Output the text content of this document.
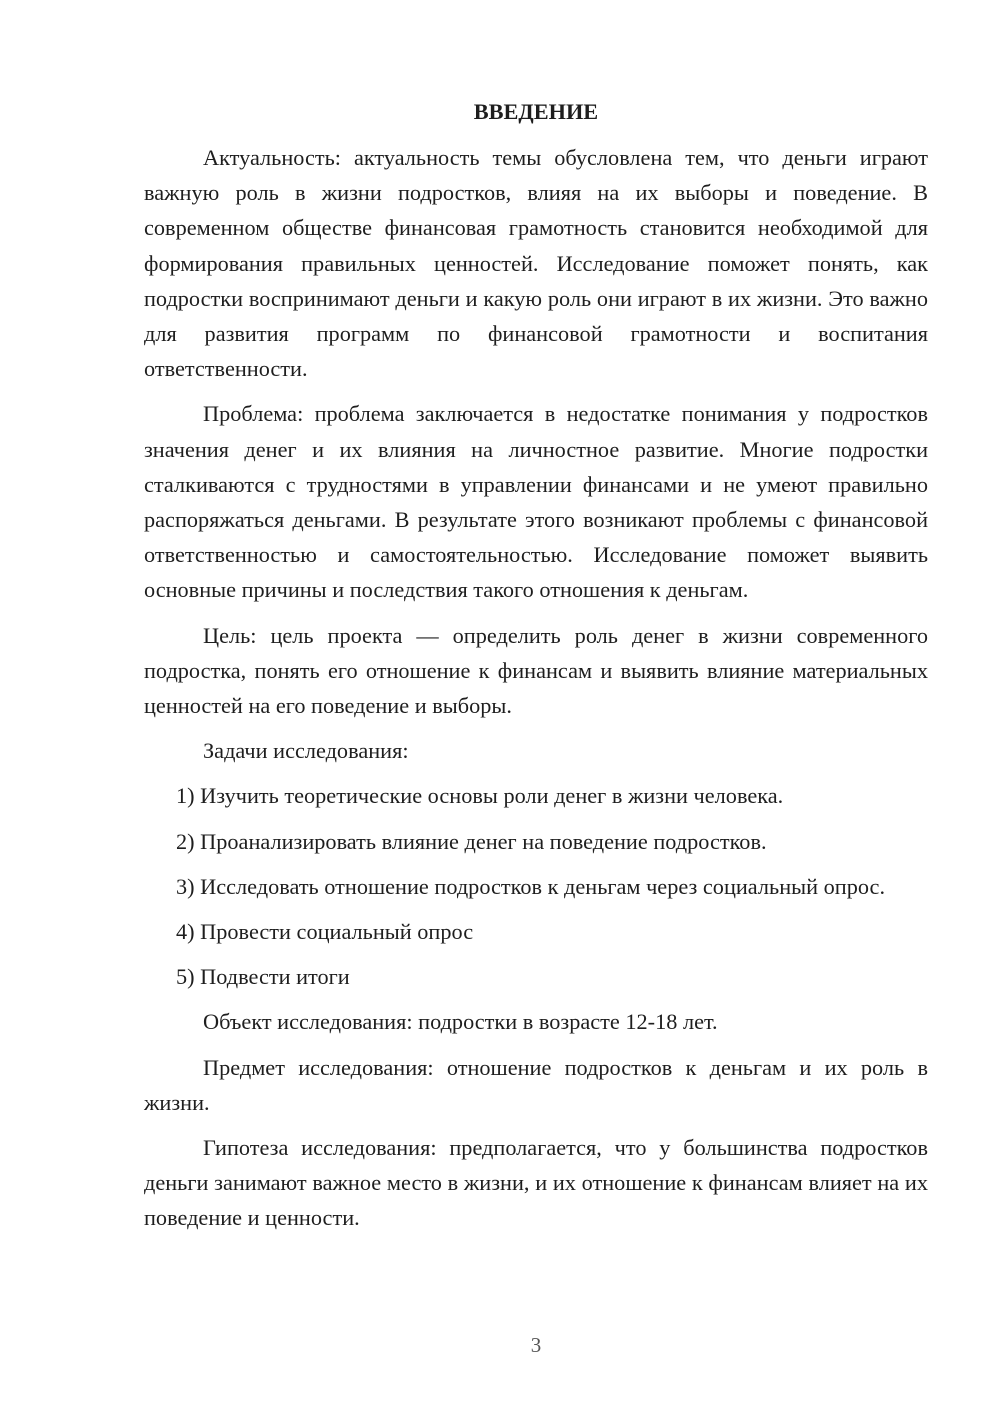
ВВЕДЕНИЕ

Актуальность: актуальность темы обусловлена тем, что деньги играют важную роль в жизни подростков, влияя на их выборы и поведение. В современном обществе финансовая грамотность становится необходимой для формирования правильных ценностей. Исследование поможет понять, как подростки воспринимают деньги и какую роль они играют в их жизни. Это важно для развития программ по финансовой грамотности и воспитания ответственности.

Проблема: проблема заключается в недостатке понимания у подростков значения денег и их влияния на личностное развитие. Многие подростки сталкиваются с трудностями в управлении финансами и не умеют правильно распоряжаться деньгами. В результате этого возникают проблемы с финансовой ответственностью и самостоятельностью. Исследование поможет выявить основные причины и последствия такого отношения к деньгам.

Цель: цель проекта — определить роль денег в жизни современного подростка, понять его отношение к финансам и выявить влияние материальных ценностей на его поведение и выборы.

Задачи исследования:

1) Изучить теоретические основы роли денег в жизни человека.

2) Проанализировать влияние денег на поведение подростков.

3) Исследовать отношение подростков к деньгам через социальный опрос.

4) Провести социальный опрос

5) Подвести итоги

Объект исследования: подростки в возрасте 12-18 лет.

Предмет исследования: отношение подростков к деньгам и их роль в жизни.

Гипотеза исследования: предполагается, что у большинства подростков деньги занимают важное место в жизни, и их отношение к финансам влияет на их поведение и ценности.

3
